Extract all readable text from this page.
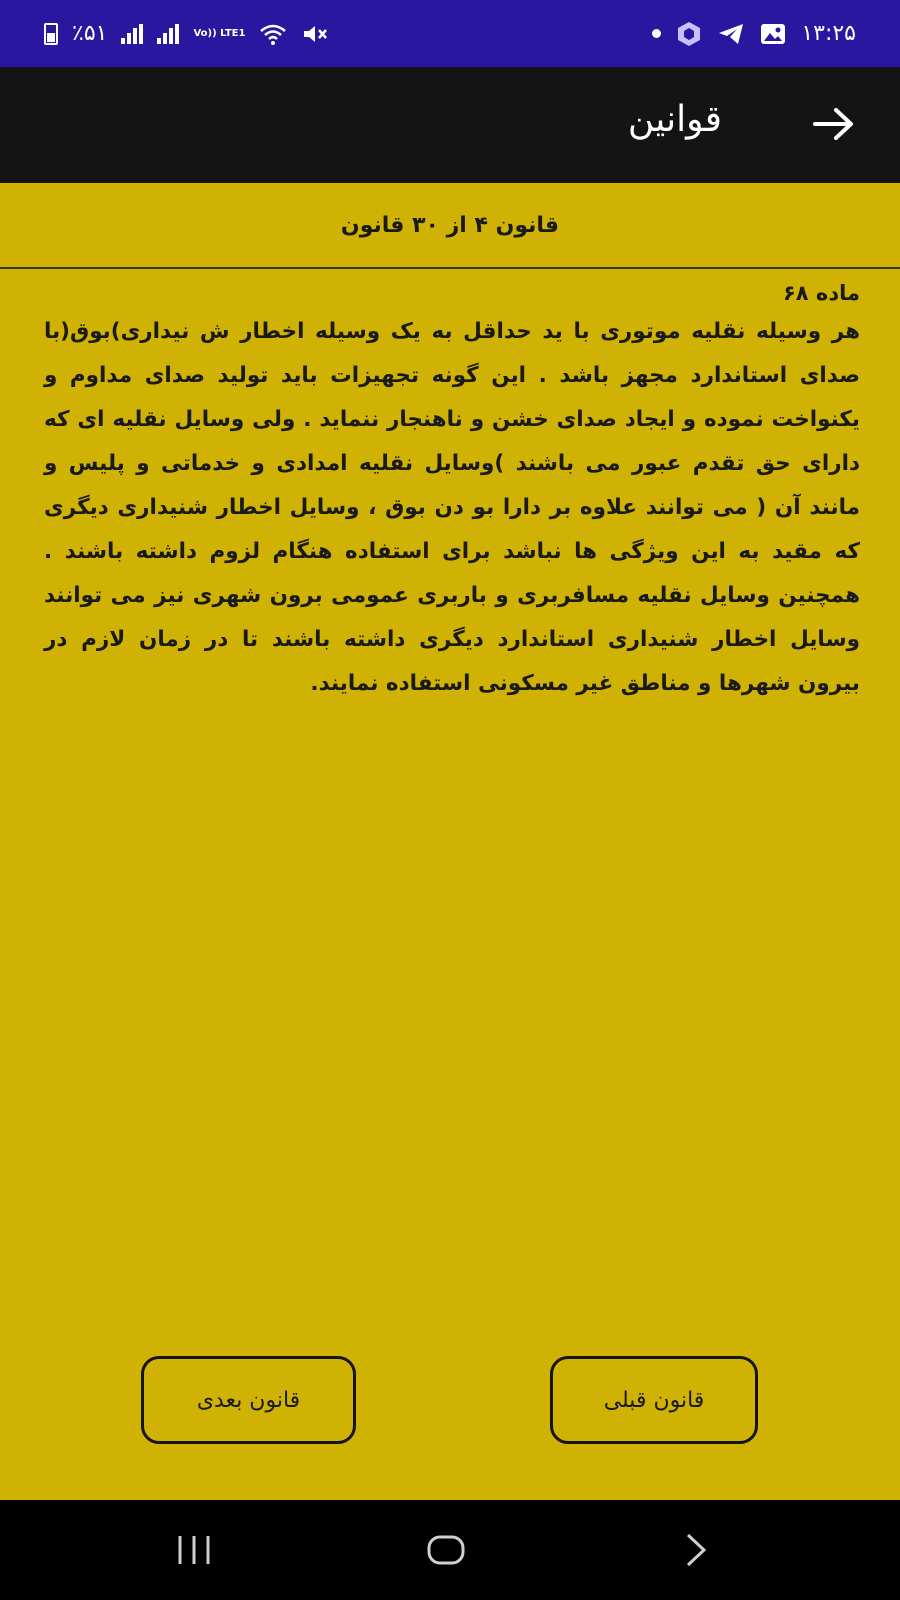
٪۵۱	Vo)) LTE1	۱۳:۲۵
قوانین
قانون ۴ از ۳۰ قانون
ماده ۶۸
هر وسیله نقلیه موتوری با ید حداقل به یک وسیله اخطار ش نیداری)بوق(با صدای استاندارد مجهز باشد . این گونه تجهیزات باید تولید صدای مداوم و یکنواخت نموده و ایجاد صدای خشن و ناهنجار ننماید . ولی وسایل نقلیه ای که دارای حق تقدم عبور می باشند )وسایل نقلیه امدادی و خدماتی و پلیس و مانند آن ( می توانند علاوه بر دارا بو دن بوق ، وسایل اخطار شنیداری دیگری که مقید به این ویژگی ها نباشد برای استفاده هنگام لزوم داشته باشند . همچنین وسایل نقلیه مسافربری و باربری عمومی برون شهری نیز می توانند وسایل اخطار شنیداری استاندارد دیگری داشته باشند تا در زمان لازم در بیرون شهرها و مناطق غیر مسکونی استفاده نمایند.
قانون قبلی
قانون بعدی
